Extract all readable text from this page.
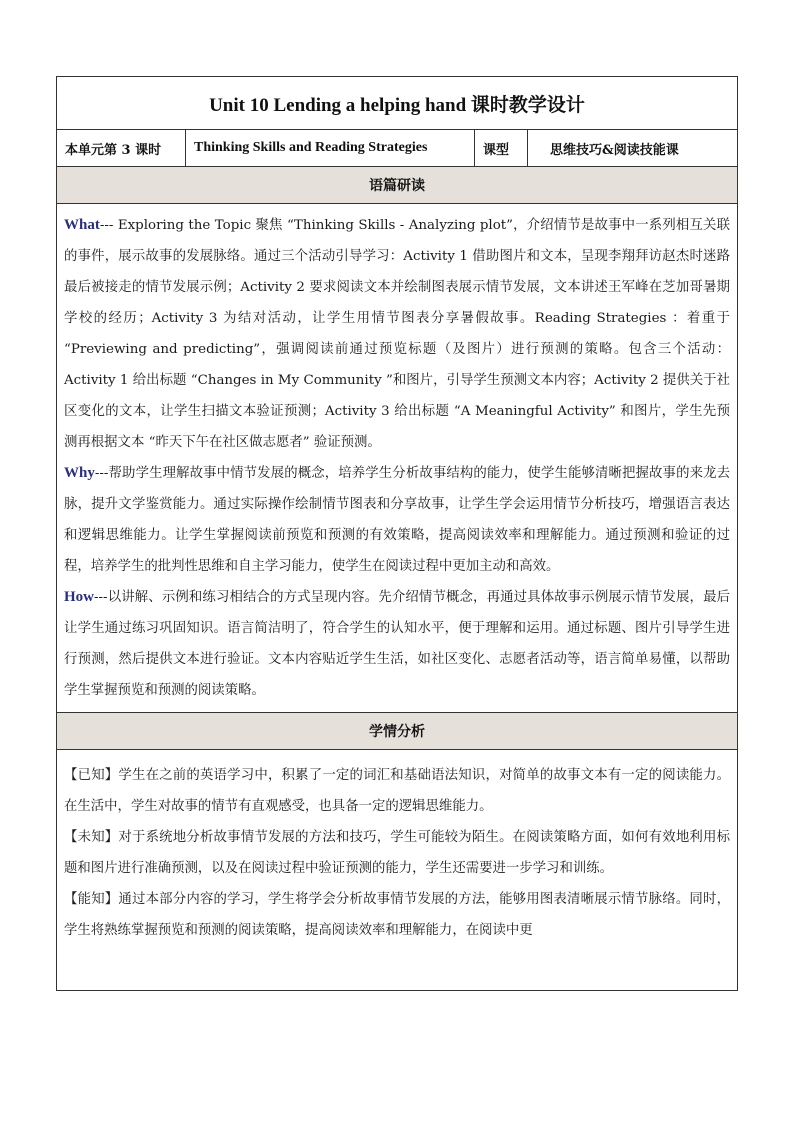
Unit 10 Lending a helping hand 课时教学设计
本单元第 3 课时	Thinking Skills and Reading Strategies	课型	思维技巧&阅读技能课
语篇研读

What--- Exploring the Topic 聚焦 “Thinking Skills - Analyzing plot”，介绍情节是故事中一系列相互关联的事件，展示故事的发展脉络。通过三个活动引导学习：Activity 1 借助图片和文本，呈现李翔拜访赵杰时迷路最后被接走的情节发展示例；Activity 2 要求阅读文本并绘制图表展示情节发展，文本讲述王军峰在芝加哥暑期学校的经历；Activity 3 为结对活动，让学生用情节图表分享暑假故事。Reading Strategies ：着重于 “Previewing and predicting”，强调阅读前通过预览标题（及图片）进行预测的策略。包含三个活动：Activity 1 给出标题 “Changes in My Community ”和图片，引导学生预测文本内容；Activity 2 提供关于社区变化的文本，让学生扫描文本验证预测；Activity 3 给出标题 “A Meaningful Activity” 和图片，学生先预测再根据文本 “昨天下午在社区做志愿者” 验证预测。

Why---帮助学生理解故事中情节发展的概念，培养学生分析故事结构的能力，使学生能够清晰把握故事的来龙去脉，提升文学鉴赏能力。通过实际操作绘制情节图表和分享故事，让学生学会运用情节分析技巧，增强语言表达和逻辑思维能力。让学生掌握阅读前预览和预测的有效策略，提高阅读效率和理解能力。通过预测和验证的过程，培养学生的批判性思维和自主学习能力，使学生在阅读过程中更加主动和高效。

How---以讲解、示例和练习相结合的方式呈现内容。先介绍情节概念，再通过具体故事示例展示情节发展，最后让学生通过练习巩固知识。语言简洁明了，符合学生的认知水平，便于理解和运用。通过标题、图片引导学生进行预测，然后提供文本进行验证。文本内容贴近学生生活，如社区变化、志愿者活动等，语言简单易懂，以帮助学生掌握预览和预测的阅读策略。

学情分析

【已知】学生在之前的英语学习中，积累了一定的词汇和基础语法知识，对简单的故事文本有一定的阅读能力。在生活中，学生对故事的情节有直观感受，也具备一定的逻辑思维能力。

【未知】对于系统地分析故事情节发展的方法和技巧，学生可能较为陌生。在阅读策略方面，如何有效地利用标题和图片进行准确预测，以及在阅读过程中验证预测的能力，学生还需要进一步学习和训练。

【能知】通过本部分内容的学习，学生将学会分析故事情节发展的方法，能够用图表清晰展示情节脉络。同时，学生将熟练掌握预览和预测的阅读策略，提高阅读效率和理解能力，在阅读中更
